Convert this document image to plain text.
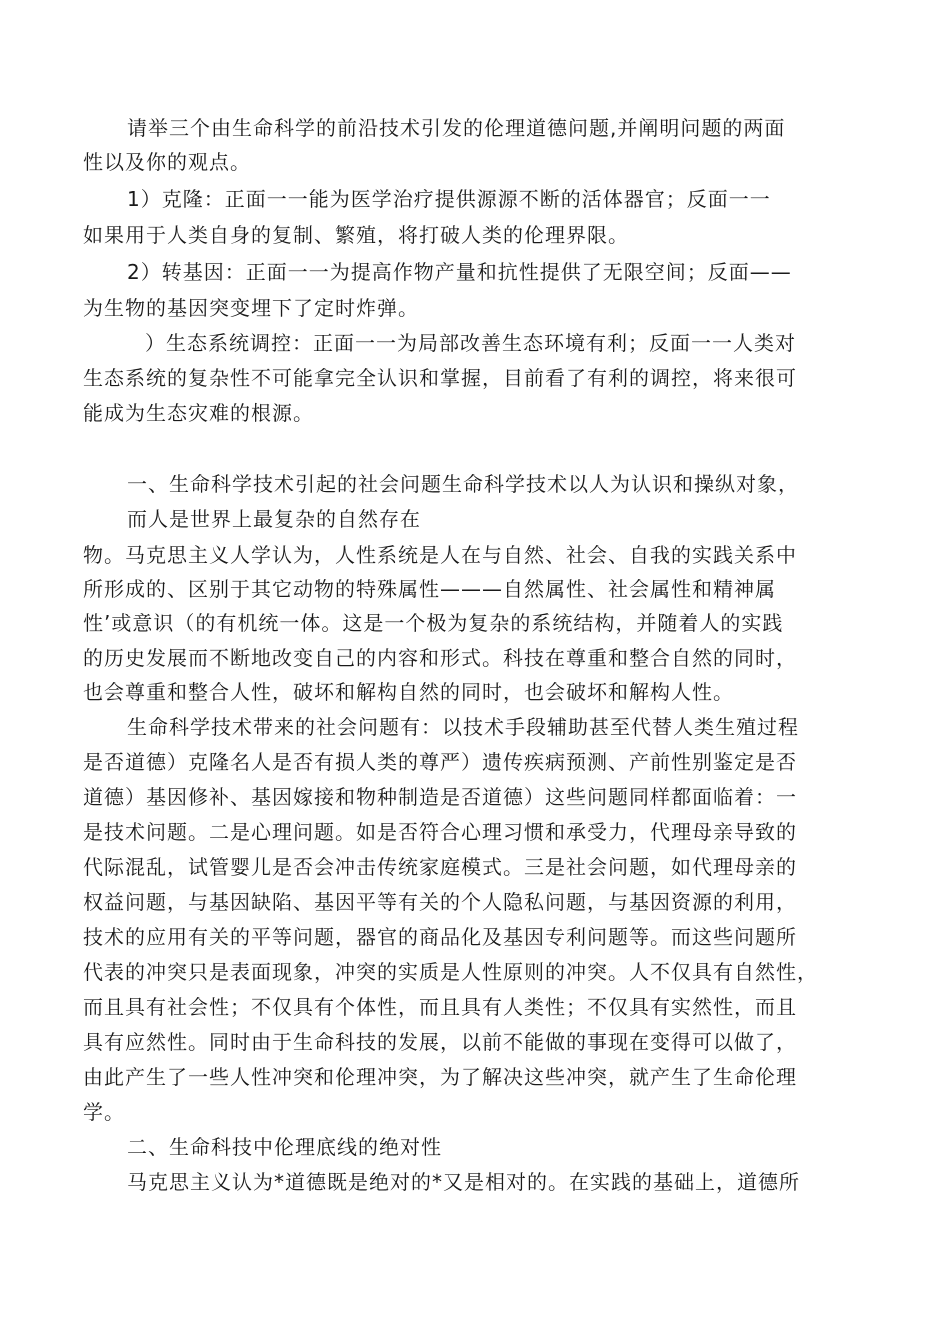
请举三个由生命科学的前沿技术引发的伦理道德问题,并阐明问题的两面
性以及你的观点。
1）克隆：正面一一能为医学治疗提供源源不断的活体器官；反面一一
如果用于人类自身的复制、繁殖，将打破人类的伦理界限。
2）转基因：正面一一为提高作物产量和抗性提供了无限空间；反面——
为生物的基因突变埋下了定时炸弹。
）生态系统调控：正面一一为局部改善生态环境有利；反面一一人类对
生态系统的复杂性不可能拿完全认识和掌握，目前看了有利的调控，将来很可
能成为生态灾难的根源。
一、生命科学技术引起的社会问题生命科学技术以人为认识和操纵对象，
而人是世界上最复杂的自然存在
物。马克思主义人学认为，人性系统是人在与自然、社会、自我的实践关系中
所形成的、区别于其它动物的特殊属性———自然属性、社会属性和精神属
性’或意识（的有机统一体。这是一个极为复杂的系统结构，并随着人的实践
的历史发展而不断地改变自己的内容和形式。科技在尊重和整合自然的同时，
也会尊重和整合人性，破坏和解构自然的同时，也会破坏和解构人性。
生命科学技术带来的社会问题有：以技术手段辅助甚至代替人类生殖过程
是否道德）克隆名人是否有损人类的尊严）遗传疾病预测、产前性别鉴定是否
道德）基因修补、基因嫁接和物种制造是否道德）这些问题同样都面临着：一
是技术问题。二是心理问题。如是否符合心理习惯和承受力，代理母亲导致的
代际混乱，试管婴儿是否会冲击传统家庭模式。三是社会问题，如代理母亲的
权益问题，与基因缺陷、基因平等有关的个人隐私问题，与基因资源的利用，
技术的应用有关的平等问题，器官的商品化及基因专利问题等。而这些问题所
代表的冲突只是表面现象，冲突的实质是人性原则的冲突。人不仅具有自然性，
而且具有社会性；不仅具有个体性，而且具有人类性；不仅具有实然性，而且
具有应然性。同时由于生命科技的发展，以前不能做的事现在变得可以做了，
由此产生了一些人性冲突和伦理冲突，为了解决这些冲突，就产生了生命伦理
学。
二、生命科技中伦理底线的绝对性
马克思主义认为*道德既是绝对的*又是相对的。在实践的基础上，道德所
